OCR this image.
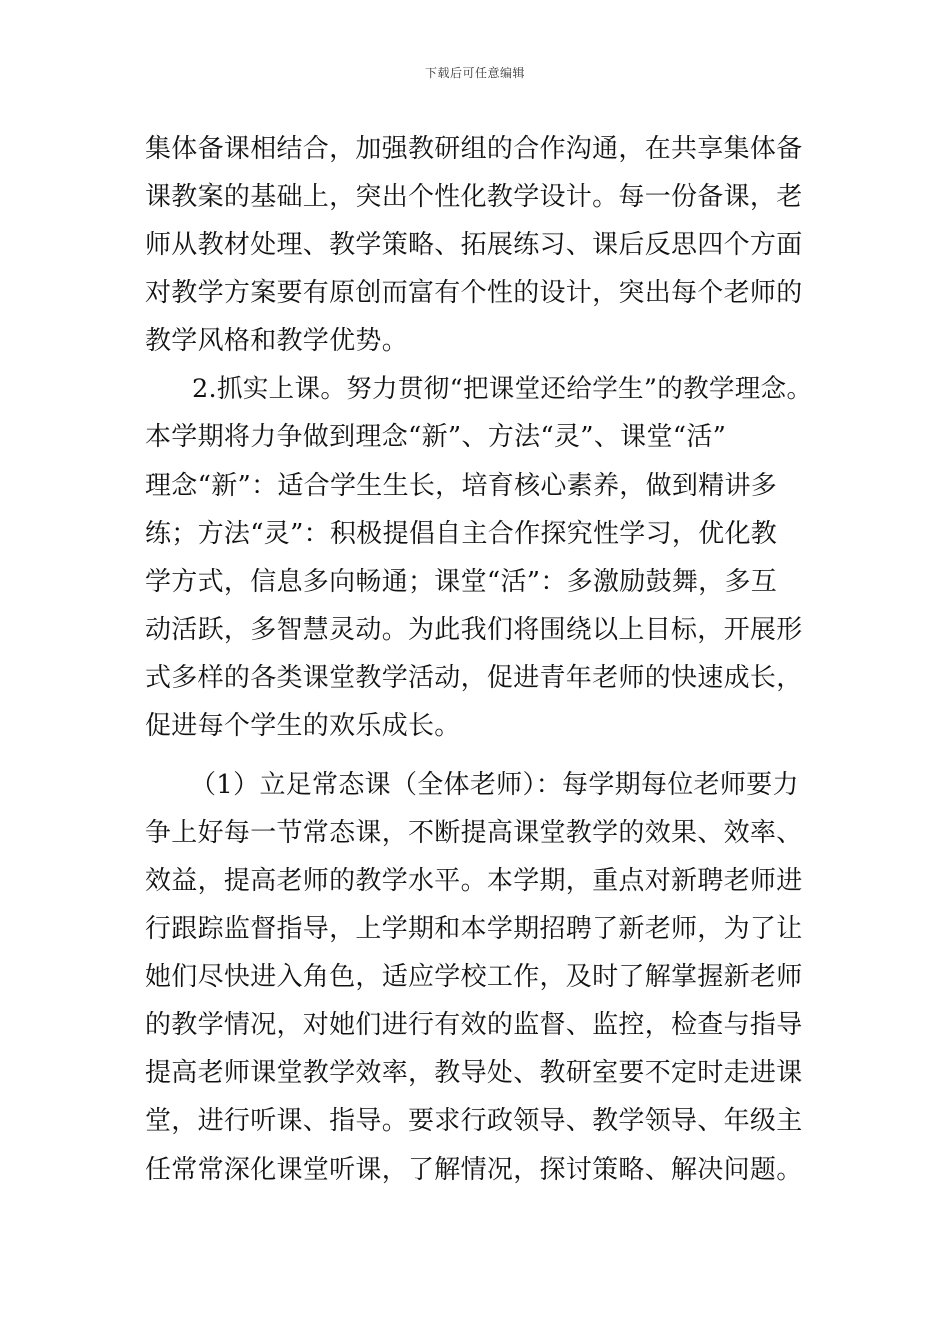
下载后可任意编辑
集体备课相结合，加强教研组的合作沟通，在共享集体备
课教案的基础上，突出个性化教学设计。每一份备课，老
师从教材处理、教学策略、拓展练习、课后反思四个方面
对教学方案要有原创而富有个性的设计，突出每个老师的
教学风格和教学优势。
2.抓实上课。努力贯彻“把课堂还给学生”的教学理念。
本学期将力争做到理念“新”、方法“灵”、课堂“活”
理念“新”：适合学生生长，培育核心素养，做到精讲多
练；方法“灵”：积极提倡自主合作探究性学习，优化教
学方式，信息多向畅通；课堂“活”：多激励鼓舞，多互
动活跃，多智慧灵动。为此我们将围绕以上目标，开展形
式多样的各类课堂教学活动，促进青年老师的快速成长，
促进每个学生的欢乐成长。
（1）立足常态课（全体老师）：每学期每位老师要力
争上好每一节常态课，不断提高课堂教学的效果、效率、
效益，提高老师的教学水平。本学期，重点对新聘老师进
行跟踪监督指导，上学期和本学期招聘了新老师，为了让
她们尽快进入角色，适应学校工作，及时了解掌握新老师
的教学情况，对她们进行有效的监督、监控，检查与指导
提高老师课堂教学效率，教导处、教研室要不定时走进课
堂，进行听课、指导。要求行政领导、教学领导、年级主
任常常深化课堂听课，了解情况，探讨策略、解决问题。
